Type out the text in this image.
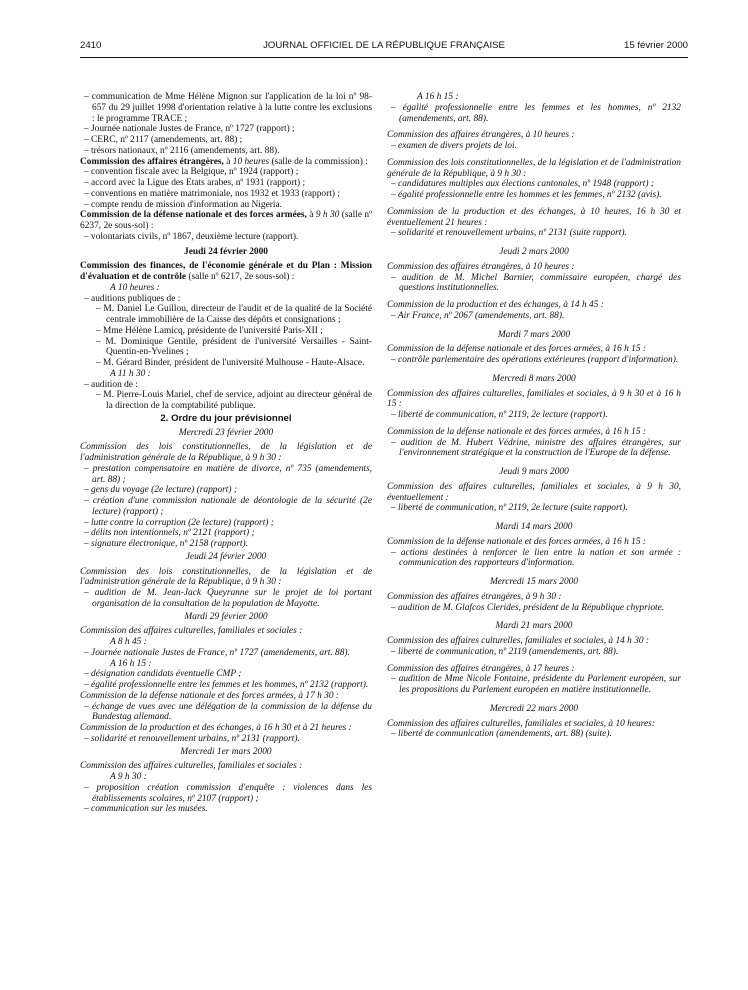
2410	JOURNAL OFFICIEL DE LA RÉPUBLIQUE FRANÇAISE	15 février 2000

– communication de Mme Hélène Mignon sur l'application de la loi nº 98-657 du 29 juillet 1998 d'orientation relative à la lutte contre les exclusions : le programme TRACE ;

– Journée nationale Justes de France, nº 1727 (rapport) ;

– CERC, nº 2117 (amendements, art. 88) ;

– trésors nationaux, nº 2116 (amendements, art. 88).

Commission des affaires étrangères, à 10 heures (salle de la commission) :

– convention fiscale avec la Belgique, nº 1924 (rapport) ;

– accord avec la Ligue des Etats arabes, nº 1931 (rapport) ;

– conventions en matière matrimoniale, nos 1932 et 1933 (rapport) ;

– compte rendu de mission d'information au Nigeria.

Commission de la défense nationale et des forces armées, à 9 h 30 (salle nº 6237, 2e sous-sol) :

– volontariats civils, nº 1867, deuxième lecture (rapport).

Jeudi 24 février 2000

Commission des finances, de l'économie générale et du Plan : Mission d'évaluation et de contrôle (salle nº 6217, 2e sous-sol) :

A 10 heures :

– auditions publiques de :

– M. Daniel Le Guillou, directeur de l'audit et de la qualité de la Société centrale immobilière de la Caisse des dépôts et consignations ;

– Mme Hélène Lamicq, présidente de l'université Paris-XII ;

– M. Dominique Gentile, président de l'université Versailles - Saint-Quentin-en-Yvelines ;

– M. Gérard Binder, président de l'université Mulhouse - Haute-Alsace.

A 11 h 30 :

– audition de :

– M. Pierre-Louis Mariel, chef de service, adjoint au directeur général de la direction de la comptabilité publique.

2. Ordre du jour prévisionnel

Mercredi 23 février 2000

Commission des lois constitutionnelles, de la législation et de l'administration générale de la République, à 9 h 30 :

– prestation compensatoire en matière de divorce, nº 735 (amendements, art. 88) ;

– gens du voyage (2e lecture) (rapport) ;

– création d'une commission nationale de déontologie de la sécurité (2e lecture) (rapport) ;

– lutte contre la corruption (2e lecture) (rapport) ;

– délits non intentionnels, nº 2121 (rapport) ;

– signature électronique, nº 2158 (rapport).

Jeudi 24 février 2000

Commission des lois constitutionnelles, de la législation et de l'administration générale de la République, à 9 h 30 :

– audition de M. Jean-Jack Queyranne sur le projet de loi portant organisation de la consultation de la population de Mayotte.

Mardi 29 février 2000

Commission des affaires culturelles, familiales et sociales :

A 8 h 45 :

– Journée nationale Justes de France, nº 1727 (amendements, art. 88).

A 16 h 15 :

– désignation candidats éventuelle CMP ;

– égalité professionnelle entre les femmes et les hommes, nº 2132 (rapport).

Commission de la défense nationale et des forces armées, à 17 h 30 :

– échange de vues avec une délégation de la commission de la défense du Bundestag allemand.

Commission de la production et des échanges, à 16 h 30 et à 21 heures :

– solidarité et renouvellement urbains, nº 2131 (rapport).

Mercredi 1er mars 2000

Commission des affaires culturelles, familiales et sociales :

A 9 h 30 :

– proposition création commission d'enquête : violences dans les établissements scolaires, nº 2107 (rapport) ;

– communication sur les musées.

A 16 h 15 :

– égalité professionnelle entre les femmes et les hommes, nº 2132 (amendements, art. 88).

Commission des affaires étrangères, à 10 heures :

– examen de divers projets de loi.

Commission des lois constitutionnelles, de la législation et de l'administration générale de la République, à 9 h 30 :

– candidatures multiples aux élections cantonales, nº 1948 (rapport) ;

– égalité professionnelle entre les hommes et les femmes, nº 2132 (avis).

Commission de la production et des échanges, à 10 heures, 16 h 30 et éventuellement 21 heures :

– solidarité et renouvellement urbains, nº 2131 (suite rapport).

Jeudi 2 mars 2000

Commission des affaires étrangères, à 10 heures :

– audition de M. Michel Barnier, commissaire européen, chargé des questions institutionnelles.

Commission de la production et des échanges, à 14 h 45 :

– Air France, nº 2067 (amendements, art. 88).

Mardi 7 mars 2000

Commission de la défense nationale et des forces armées, à 16 h 15 :

– contrôle parlementaire des opérations extérieures (rapport d'information).

Mercredi 8 mars 2000

Commission des affaires culturelles, familiales et sociales, à 9 h 30 et à 16 h 15 :

– liberté de communication, nº 2119, 2e lecture (rapport).

Commission de la défense nationale et des forces armées, à 16 h 15 :

– audition de M. Hubert Védrine, ministre des affaires étrangères, sur l'environnement stratégique et la construction de l'Europe de la défense.

Jeudi 9 mars 2000

Commission des affaires culturelles, familiales et sociales, à 9 h 30, éventuellement :

– liberté de communication, nº 2119, 2e lecture (suite rapport).

Mardi 14 mars 2000

Commission de la défense nationale et des forces armées, à 16 h 15 :

– actions destinées à renforcer le lien entre la nation et son armée : communication des rapporteurs d'information.

Mercredi 15 mars 2000

Commission des affaires étrangères, à 9 h 30 :

– audition de M. Glafcos Clerides, président de la République chypriote.

Mardi 21 mars 2000

Commission des affaires culturelles, familiales et sociales, à 14 h 30 :

– liberté de communication, nº 2119 (amendements, art. 88).

Commission des affaires étrangères, à 17 heures :

– audition de Mme Nicole Fontaine, présidente du Parlement européen, sur les propositions du Parlement européen en matière institutionnelle.

Mercredi 22 mars 2000

Commission des affaires culturelles, familiales et sociales, à 10 heures:

– liberté de communication (amendements, art. 88) (suite).
